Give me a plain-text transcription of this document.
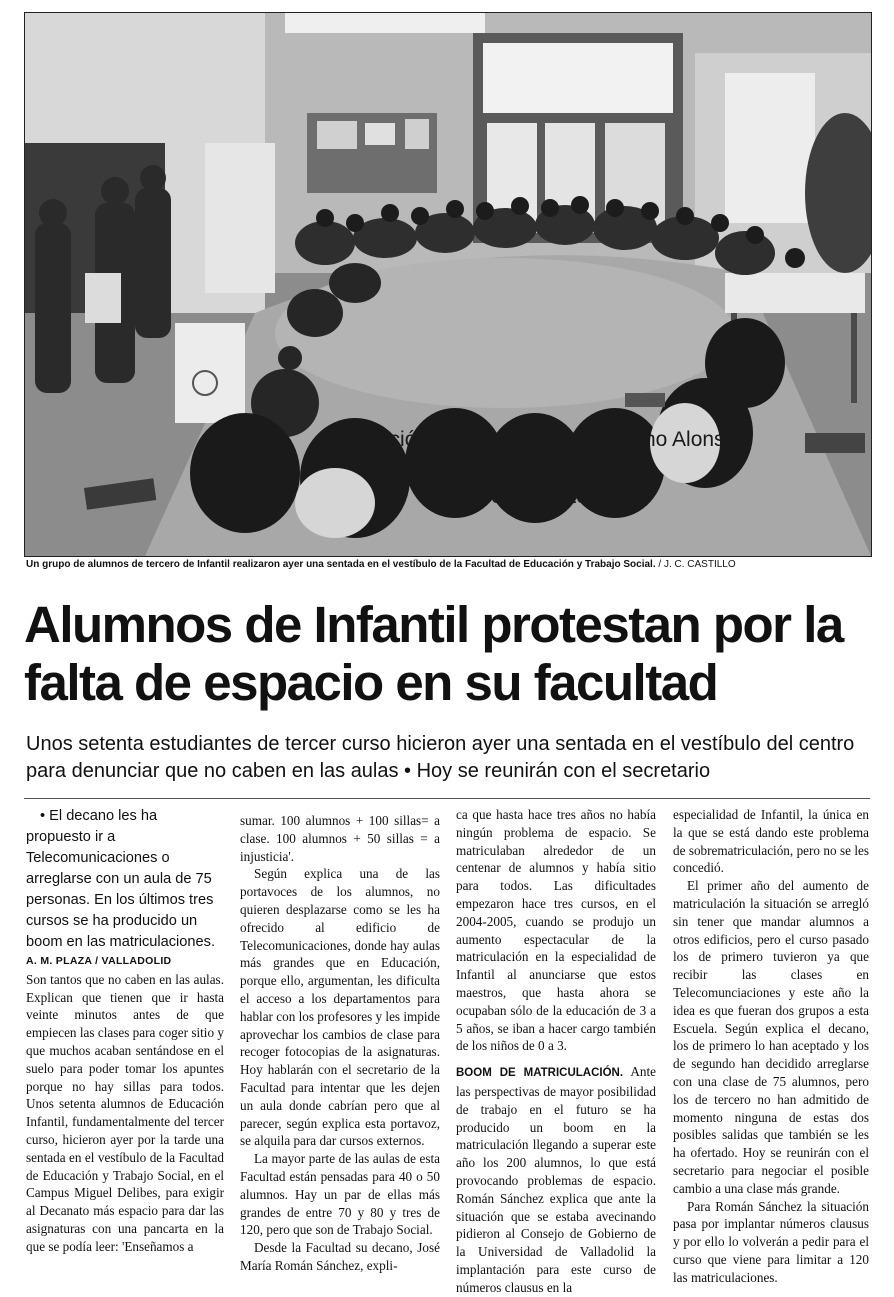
Fundación Alberto Jiménez-Arellano Alonso
Presupuesto 2007
Un grupo de alumnos de tercero de Infantil realizaron ayer una sentada en el vestíbulo de la Facultad de Educación y Trabajo Social. / J. C. CASTILLO
Alumnos de Infantil protestan por la falta de espacio en su facultad

Unos setenta estudiantes de tercer curso hicieron ayer una sentada en el vestíbulo del centro para denunciar que no caben en las aulas • Hoy se reunirán con el secretario

• El decano les ha propuesto ir a Telecomunicaciones o arreglarse con un aula de 75 personas. En los últimos tres cursos se ha producido un boom en las matriculaciones.

A. M. PLAZA / VALLADOLID

Son tantos que no caben en las aulas. Explican que tienen que ir hasta veinte minutos antes de que empiecen las clases para coger sitio y que muchos acaban sentándose en el suelo para poder tomar los apuntes porque no hay sillas para todos. Unos setenta alumnos de Educación Infantil, fundamentalmente del tercer curso, hicieron ayer por la tarde una sentada en el vestíbulo de la Facultad de Educación y Trabajo Social, en el Campus Miguel Delibes, para exigir al Decanato más espacio para dar las asignaturas con una pancarta en la que se podía leer: 'Enseñamos a

sumar. 100 alumnos + 100 sillas= a clase. 100 alumnos + 50 sillas = a injusticia'.

Según explica una de las portavoces de los alumnos, no quieren desplazarse como se les ha ofrecido al edificio de Telecomunicaciones, donde hay aulas más grandes que en Educación, porque ello, argumentan, les dificulta el acceso a los departamentos para hablar con los profesores y les impide aprovechar los cambios de clase para recoger fotocopias de la asignaturas. Hoy hablarán con el secretario de la Facultad para intentar que les dejen un aula donde cabrían pero que al parecer, según explica esta portavoz, se alquila para dar cursos externos.

La mayor parte de las aulas de esta Facultad están pensadas para 40 o 50 alumnos. Hay un par de ellas más grandes de entre 70 y 80 y tres de 120, pero que son de Trabajo Social.

Desde la Facultad su decano, José María Román Sánchez, expli-

ca que hasta hace tres años no había ningún problema de espacio. Se matriculaban alrededor de un centenar de alumnos y había sitio para todos. Las dificultades empezaron hace tres cursos, en el 2004-2005, cuando se produjo un aumento espectacular de la matriculación en la especialidad de Infantil al anunciarse que estos maestros, que hasta ahora se ocupaban sólo de la educación de 3 a 5 años, se iban a hacer cargo también de los niños de 0 a 3.

BOOM DE MATRICULACIÓN. Ante las perspectivas de mayor posibilidad de trabajo en el futuro se ha producido un boom en la matriculación llegando a superar este año los 200 alumnos, lo que está provocando problemas de espacio. Román Sánchez explica que ante la situación que se estaba avecinando pidieron al Consejo de Gobierno de la Universidad de Valladolid la implantación para este curso de números clausus en la

especialidad de Infantil, la única en la que se está dando este problema de sobrematriculación, pero no se les concedió.

El primer año del aumento de matriculación la situación se arregló sin tener que mandar alumnos a otros edificios, pero el curso pasado los de primero tuvieron ya que recibir las clases en Telecomunciaciones y este año la idea es que fueran dos grupos a esta Escuela. Según explica el decano, los de primero lo han aceptado y los de segundo han decidido arreglarse con una clase de 75 alumnos, pero los de tercero no han admitido de momento ninguna de estas dos posibles salidas que también se les ha ofertado. Hoy se reunirán con el secretario para negociar el posible cambio a una clase más grande.

Para Román Sánchez la situación pasa por implantar números clausus y por ello lo volverán a pedir para el curso que viene para limitar a 120 las matriculaciones.
